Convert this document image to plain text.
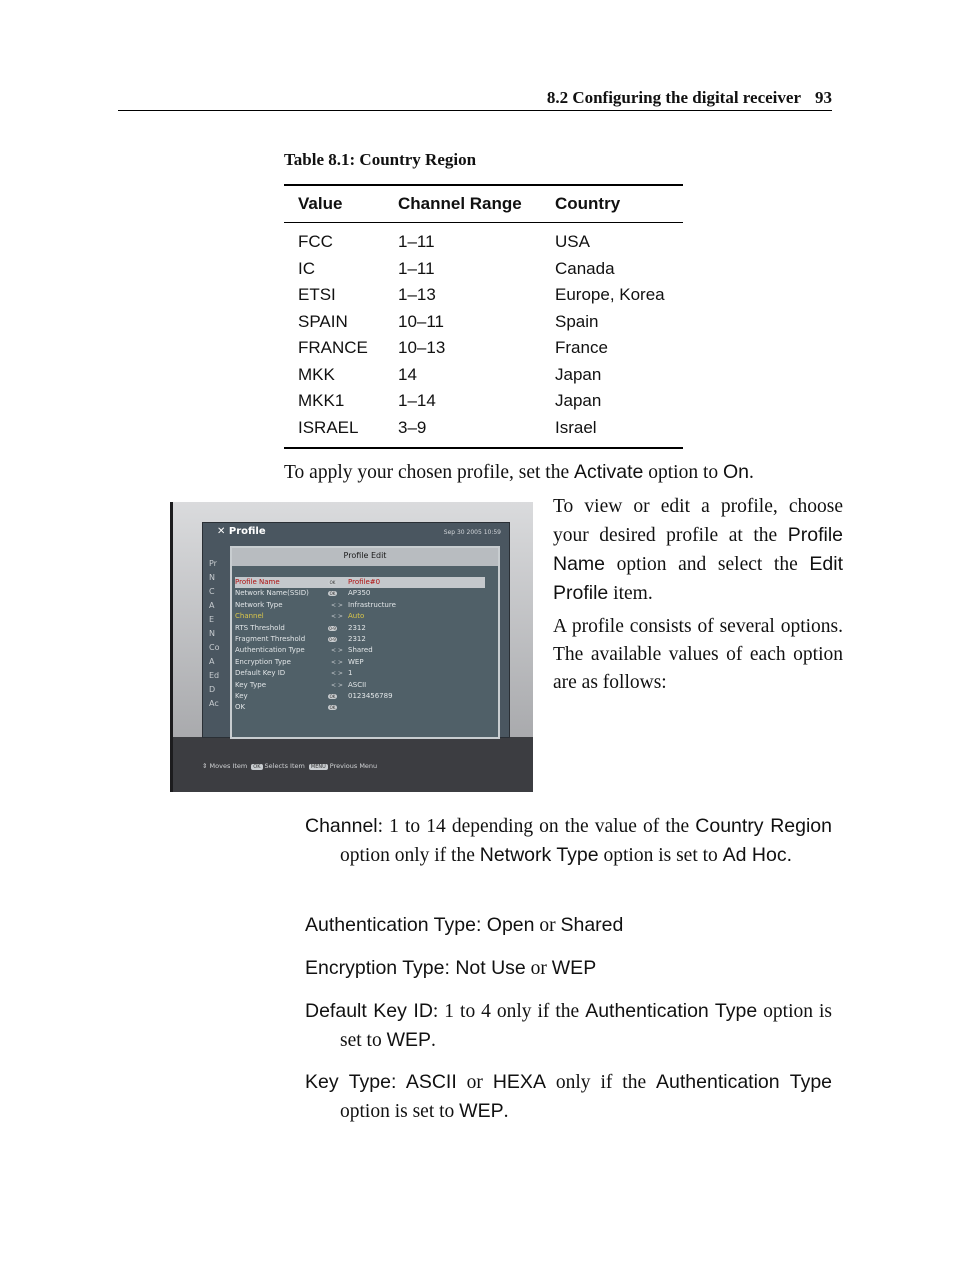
8.2 Configuring the digital receiver 93
Table 8.1: Country Region
Value	Channel Range	Country
FCC	1–11	USA
IC	1–11	Canada
ETSI	1–13	Europe, Korea
SPAIN	10–11	Spain
FRANCE	10–13	France
MKK	14	Japan
MKK1	1–14	Japan
ISRAEL	3–9	Israel
To apply your chosen profile, set the Activate option to On.
✕ Profile	Sep 30 2005 10:59
Pr
N
C
A
E
N
Co
A
Ed
D
Ac
Profile Edit
Profile Name	OK Profile#0
Network Name(SSID)	OK AP350
Network Type	< > Infrastructure
Channel	< > Auto
RTS Threshold	0-9 2312
Fragment Threshold	0-9 2312
Authentication Type	< > Shared
Encryption Type	< > WEP
Default Key ID	< > 1
Key Type	< > ASCII
Key	OK 0123456789
OK	OK
⇕ Moves Item OK Selects Item MENU Previous Menu
To view or edit a profile, choose your desired profile at the Profile Name option and select the Edit Profile item.
A profile consists of several options. The available values of each option are as follows:
Channel: 1 to 14 depending on the value of the Country Region option only if the Network Type option is set to Ad Hoc.
Authentication Type: Open or Shared
Encryption Type: Not Use or WEP
Default Key ID: 1 to 4 only if the Authentication Type option is set to WEP.
Key Type: ASCII or HEXA only if the Authentication Type option is set to WEP.
